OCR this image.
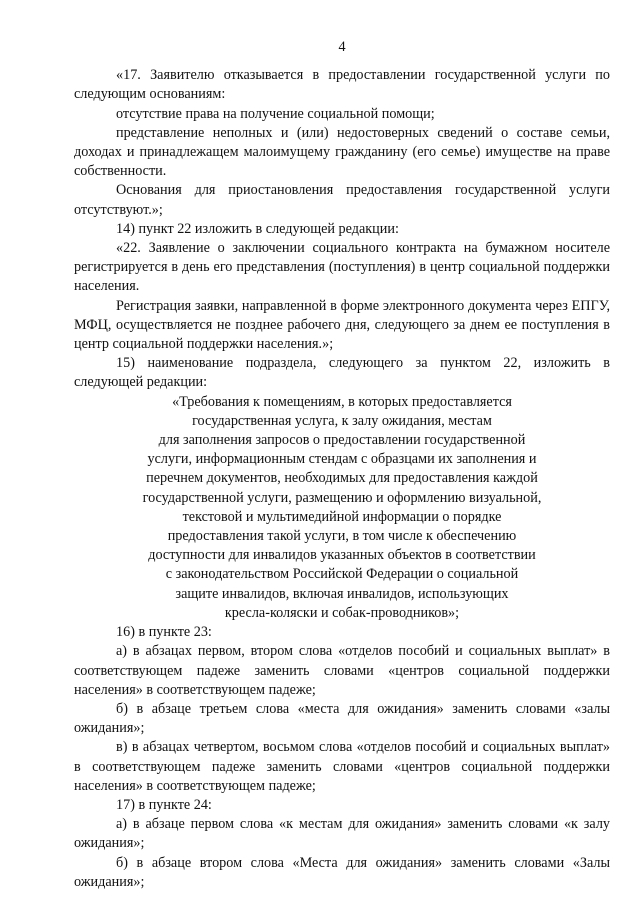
4

«17. Заявителю отказывается в предоставлении государственной услуги по следующим основаниям:

отсутствие права на получение социальной помощи;

представление неполных и (или) недостоверных сведений о составе семьи, доходах и принадлежащем малоимущему гражданину (его семье) имуществе на праве собственности.

Основания для приостановления предоставления государственной услуги отсутствуют.»;

14) пункт 22 изложить в следующей редакции:

«22. Заявление о заключении социального контракта на бумажном носителе регистрируется в день его представления (поступления) в центр социальной поддержки населения.

Регистрация заявки, направленной в форме электронного документа через ЕПГУ, МФЦ, осуществляется не позднее рабочего дня, следующего за днем ее поступления в центр социальной поддержки населения.»;

15) наименование подраздела, следующего за пунктом 22, изложить в следующей редакции:

«Требования к помещениям, в которых предоставляется

государственная услуга, к залу ожидания, местам

для заполнения запросов о предоставлении государственной

услуги, информационным стендам с образцами их заполнения и

перечнем документов, необходимых для предоставления каждой

государственной услуги, размещению и оформлению визуальной,

текстовой и мультимедийной информации о порядке

предоставления такой услуги, в том числе к обеспечению

доступности для инвалидов указанных объектов в соответствии

с законодательством Российской Федерации о социальной

защите инвалидов, включая инвалидов, использующих

кресла-коляски и собак-проводников»;

16) в пункте 23:

а) в абзацах первом, втором слова «отделов пособий и социальных выплат» в соответствующем падеже заменить словами «центров социальной поддержки населения» в соответствующем падеже;

б) в абзаце третьем слова «места для ожидания» заменить словами «залы ожидания»;

в) в абзацах четвертом, восьмом слова «отделов пособий и социальных выплат» в соответствующем падеже заменить словами «центров социальной поддержки населения» в соответствующем падеже;

17) в пункте 24:

а) в абзаце первом слова «к местам для ожидания» заменить словами «к залу ожидания»;

б) в абзаце втором слова «Места для ожидания» заменить словами «Залы ожидания»;
